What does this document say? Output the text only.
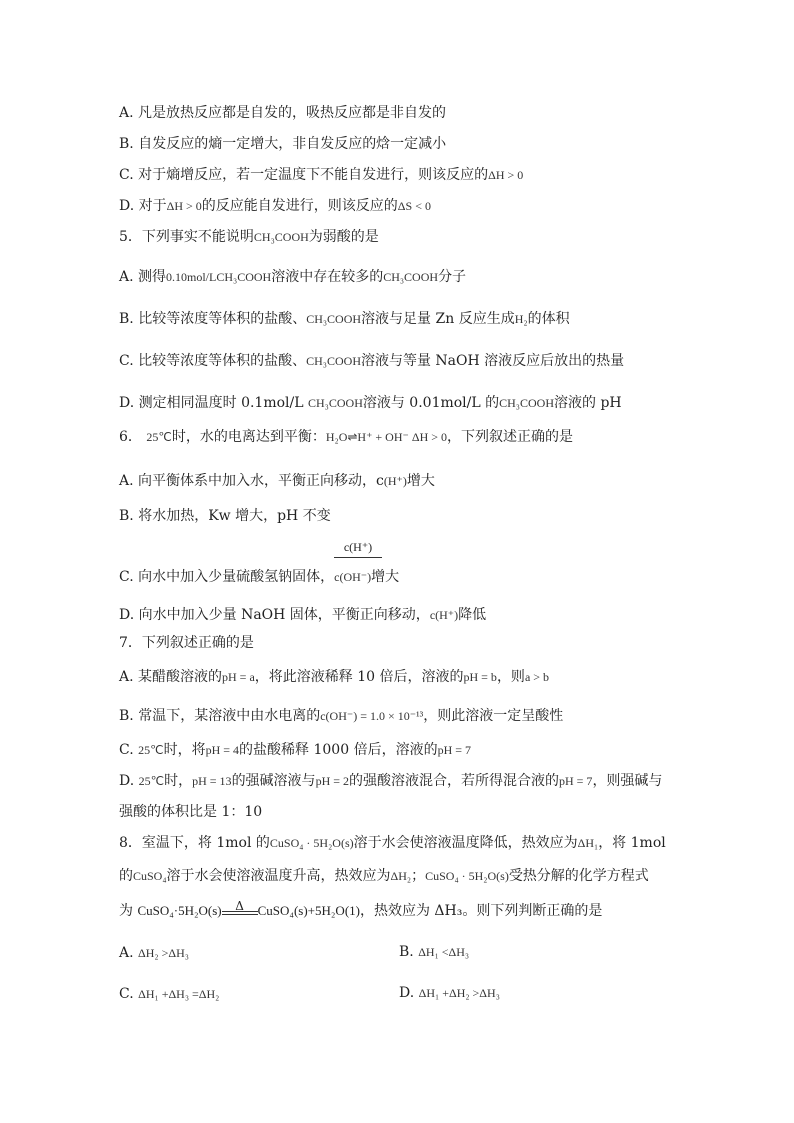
A. 凡是放热反应都是自发的，吸热反应都是非自发的
B. 自发反应的熵一定增大，非自发反应的焓一定减小
C. 对于熵增反应，若一定温度下不能自发进行，则该反应的ΔH > 0
D. 对于ΔH > 0的反应能自发进行，则该反应的ΔS < 0
5．下列事实不能说明CH₃COOH为弱酸的是
A. 测得0.10mol/LCH₃COOH溶液中存在较多的CH₃COOH分子
B. 比较等浓度等体积的盐酸、CH₃COOH溶液与足量 Zn 反应生成H₂的体积
C. 比较等浓度等体积的盐酸、CH₃COOH溶液与等量 NaOH 溶液反应后放出的热量
D. 测定相同温度时 0.1mol/L CH₃COOH溶液与 0.01mol/L 的CH₃COOH溶液的 pH
6． 25℃时，水的电离达到平衡：H₂O⇌H⁺ + OH⁻ ΔH > 0，下列叙述正确的是
A. 向平衡体系中加入水，平衡正向移动，c(H⁺)增大
B. 将水加热，Kw 增大，pH 不变
c(H⁺)
C. 向水中加入少量硫酸氢钠固体，c(OH⁻)增大
D. 向水中加入少量 NaOH 固体，平衡正向移动，c(H⁺)降低
7．下列叙述正确的是
A. 某醋酸溶液的pH = a，将此溶液稀释 10 倍后，溶液的pH = b，则a > b
B. 常温下，某溶液中由水电离的c(OH⁻) = 1.0 × 10⁻¹³，则此溶液一定呈酸性
C. 25℃时，将pH = 4的盐酸稀释 1000 倍后，溶液的pH = 7
D. 25℃时，pH = 13的强碱溶液与pH = 2的强酸溶液混合，若所得混合液的pH = 7，则强碱与
强酸的体积比是 1：10
8．室温下，将 1mol 的CuSO₄ · 5H₂O(s)溶于水会使溶液温度降低，热效应为ΔH₁，将 1mol
的CuSO₄溶于水会使溶液温度升高，热效应为ΔH₂；CuSO₄ · 5H₂O(s)受热分解的化学方程式
为 CuSO₄·5H₂O(s)	Δ	CuSO₄(s)+5H₂O(1)，热效应为 ΔH₃。则下列判断正确的是
A. ΔH₂ >ΔH₃	B. ΔH₁ <ΔH₃
C. ΔH₁ +ΔH₃ =ΔH₂	D. ΔH₁ +ΔH₂ >ΔH₃
